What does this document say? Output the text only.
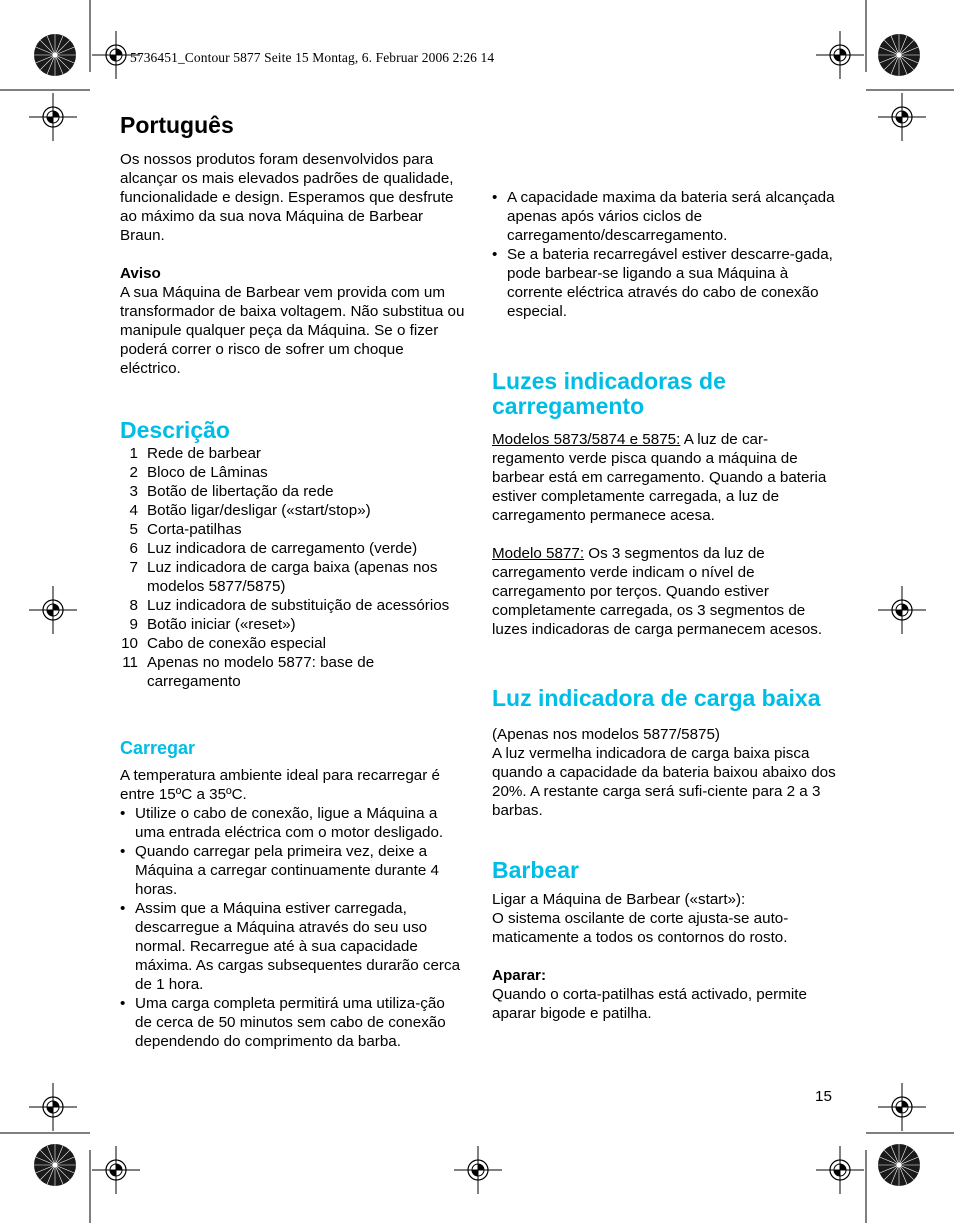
5736451_Contour 5877 Seite 15 Montag, 6. Februar 2006 2:26 14
Português

Os nossos produtos foram desenvolvidos para alcançar os mais elevados padrões de qualidade, funcionalidade e design. Esperamos que desfrute ao máximo da sua nova Máquina de Barbear Braun.

Aviso

A sua Máquina de Barbear vem provida com um transformador de baixa voltagem. Não substitua ou manipule qualquer peça da Máquina. Se o fizer poderá correr o risco de sofrer um choque eléctrico.

Descrição
1 Rede de barbear
2 Bloco de Lâminas
3 Botão de libertação da rede
4 Botão ligar/desligar («start/stop»)
5 Corta-patilhas
6 Luz indicadora de carregamento (verde)
7 Luz indicadora de carga baixa (apenas nos modelos 5877/5875)
8 Luz indicadora de substituição de acessórios
9 Botão iniciar («reset»)
10 Cabo de conexão especial
11 Apenas no modelo 5877: base de carregamento
Carregar

A temperatura ambiente ideal para recarregar é entre 15ºC a 35ºC.

• Utilize o cabo de conexão, ligue a Máquina a uma entrada eléctrica com o motor desligado.
• Quando carregar pela primeira vez, deixe a Máquina a carregar continuamente durante 4 horas.
• Assim que a Máquina estiver carregada, descarregue a Máquina através do seu uso normal. Recarregue até à sua capacidade máxima. As cargas subsequentes durarão cerca de 1 hora.
• Uma carga completa permitirá uma utiliza-ção de cerca de 50 minutos sem cabo de conexão dependendo do comprimento da barba.
• A capacidade maxima da bateria será alcançada apenas após vários ciclos de carregamento/descarregamento.
• Se a bateria recarregável estiver descarre-gada, pode barbear-se ligando a sua Máquina à corrente eléctrica através do cabo de conexão especial.
Luzes indicadoras de carregamento

Modelos 5873/5874 e 5875: A luz de car-regamento verde pisca quando a máquina de barbear está em carregamento. Quando a bateria estiver completamente carregada, a luz de carregamento permanece acesa.

Modelo 5877: Os 3 segmentos da luz de carregamento verde indicam o nível de carregamento por terços. Quando estiver completamente carregada, os 3 segmentos de luzes indicadoras de carga permanecem acesos.

Luz indicadora de carga baixa

(Apenas nos modelos 5877/5875)

A luz vermelha indicadora de carga baixa pisca quando a capacidade da bateria baixou abaixo dos 20%. A restante carga será sufi-ciente para 2 a 3 barbas.

Barbear

Ligar a Máquina de Barbear («start»):

O sistema oscilante de corte ajusta-se auto-maticamente a todos os contornos do rosto.

Aparar:

Quando o corta-patilhas está activado, permite aparar bigode e patilha.

15
